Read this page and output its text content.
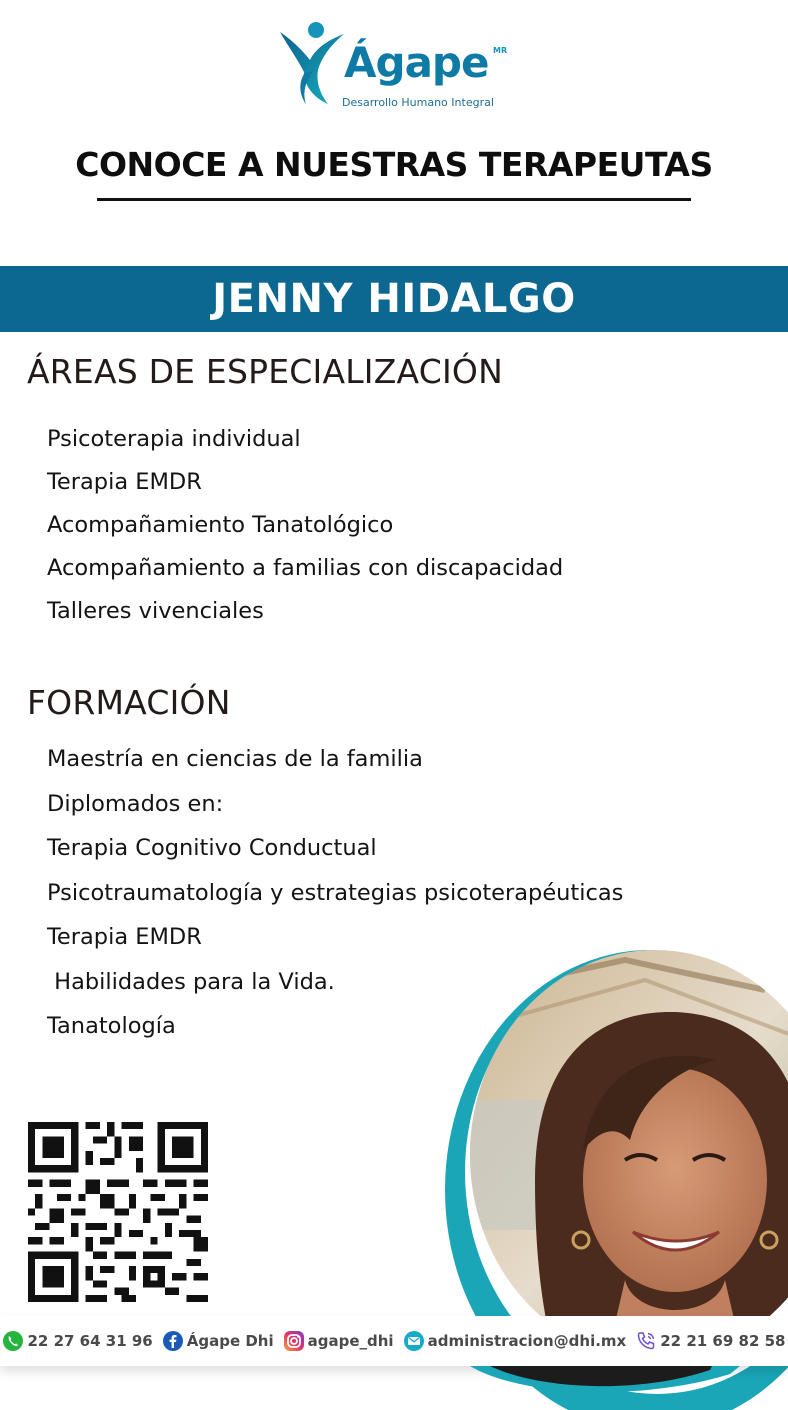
Ágape MR
Desarrollo Humano Integral
CONOCE A NUESTRAS TERAPEUTAS
JENNY HIDALGO
ÁREAS DE ESPECIALIZACIÓN
Psicoterapia individual
Terapia EMDR
Acompañamiento Tanatológico
Acompañamiento a familias con discapacidad
Talleres vivenciales
FORMACIÓN
Maestría en ciencias de la familia
Diplomados en:
Terapia Cognitivo Conductual
Psicotraumatología y estrategias psicoterapéuticas
Terapia EMDR
Habilidades para la Vida.
Tanatología
22 27 64 31 96 Ágape Dhi agape_dhi administracion@dhi.mx 22 21 69 82 58
